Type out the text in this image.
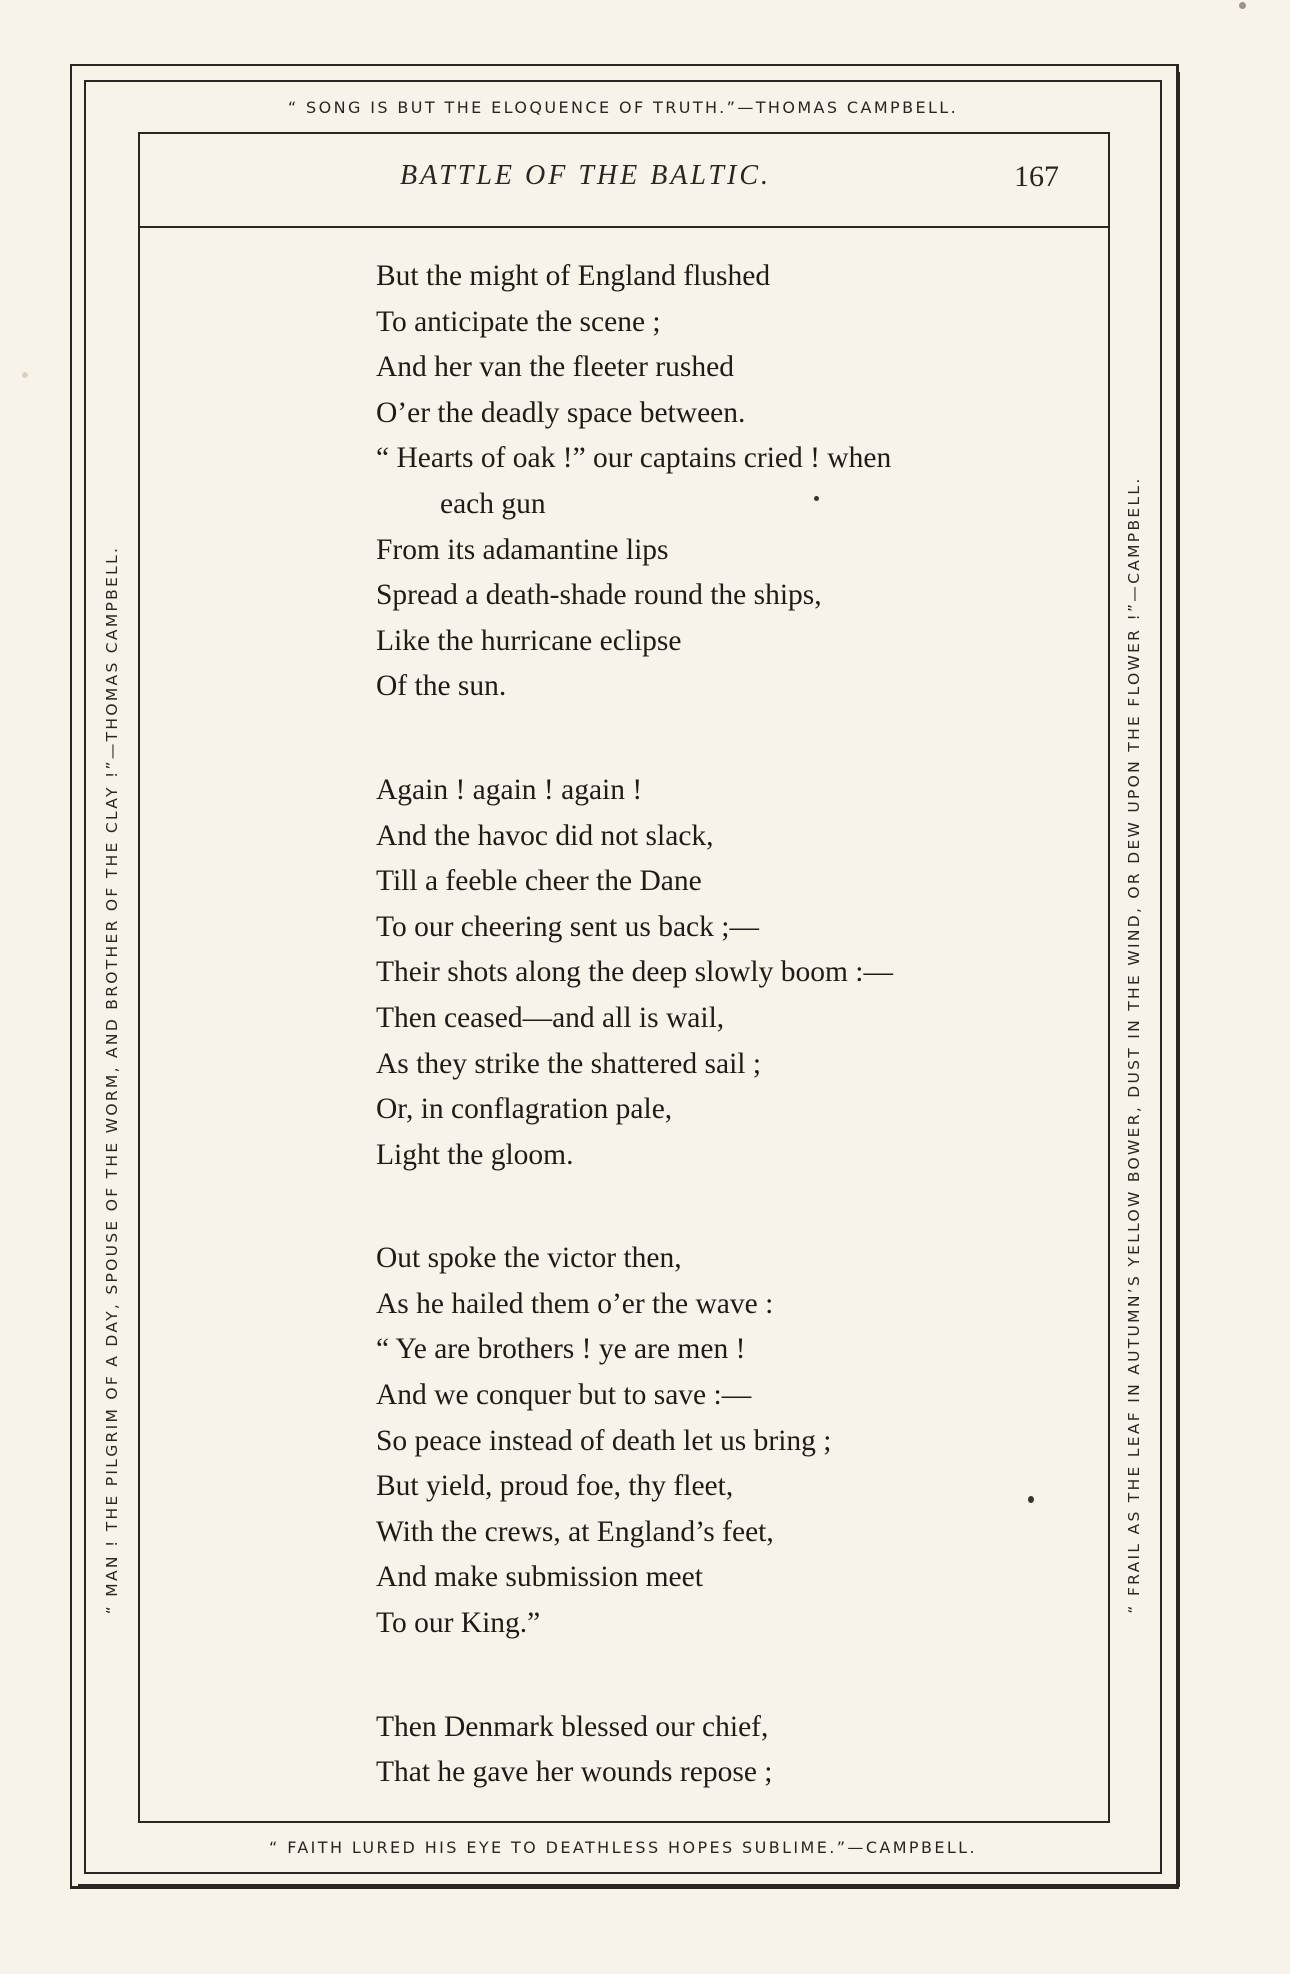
“ SONG IS BUT THE ELOQUENCE OF TRUTH.”—THOMAS CAMPBELL.
“ FAITH LURED HIS EYE TO DEATHLESS HOPES SUBLIME.”—CAMPBELL.
“ MAN ! THE PILGRIM OF A DAY, SPOUSE OF THE WORM, AND BROTHER OF THE CLAY !”—THOMAS CAMPBELL.	“ FRAIL AS THE LEAF IN AUTUMN’S YELLOW BOWER, DUST IN THE WIND, OR DEW UPON THE FLOWER !”—CAMPBELL.
BATTLE OF THE BALTIC.	167
But the might of England flushed
To anticipate the scene ;
And her van the fleeter rushed
O’er the deadly space between.
“ Hearts of oak !” our captains cried ! when
each gun
From its adamantine lips
Spread a death-shade round the ships,
Like the hurricane eclipse
Of the sun.
Again ! again ! again !
And the havoc did not slack,
Till a feeble cheer the Dane
To our cheering sent us back ;—
Their shots along the deep slowly boom :—
Then ceased—and all is wail,
As they strike the shattered sail ;
Or, in conflagration pale,
Light the gloom.
Out spoke the victor then,
As he hailed them o’er the wave :
“ Ye are brothers ! ye are men !
And we conquer but to save :—
So peace instead of death let us bring ;
But yield, proud foe, thy fleet,
With the crews, at England’s feet,
And make submission meet
To our King.”
Then Denmark blessed our chief,
That he gave her wounds repose ;
